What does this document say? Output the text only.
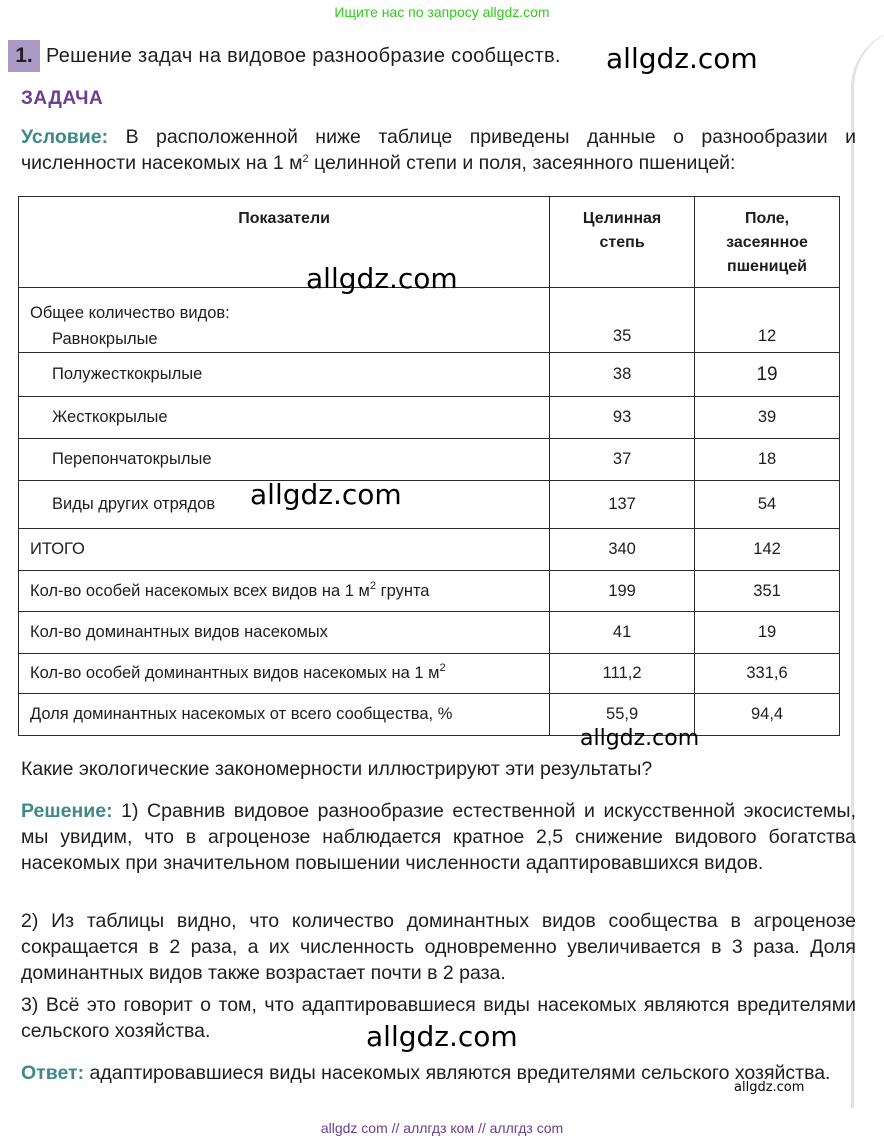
Ищите нас по запросу allgdz.com
1. Решение задач на видовое разнообразие сообществ. allgdz.com
ЗАДАЧА
Условие: В расположенной ниже таблице приведены данные о разнообразии и численности насекомых на 1 $м^2$ целинной степи и поля, засеянного пшеницей:
Показатели	Целинная степь	Поле, засеянное пшеницей

Общее количество видов:
Равнокрылые	35	12
Полужесткокрылые	38	19
Жесткокрылые	93	39
Перепончатокрылые	37	18
Виды других отрядов	137	54
ИТОГО	340	142
Кол-во особей насекомых всех видов на 1 $м^2$ грунта	199	351
Кол-во доминантных видов насекомых	41	19
Кол-во особей доминантных видов насекомых на 1 $м^2$	111,2	331,6
Доля доминантных насекомых от всего сообщества, %	55,9	94,4
allgdz.com
allgdz.com
allgdz.com
Какие экологические закономерности иллюстрируют эти результаты?
Решение: 1) Сравнив видовое разнообразие естественной и искусственной экосистемы, мы увидим, что в агроценозе наблюдается кратное 2,5 снижение видового богатства насекомых при значительном повышении численности адаптировавшихся видов.
2) Из таблицы видно, что количество доминантных видов сообщества в агроценозе сокращается в 2 раза, а их численность одновременно увеличивается в 3 раза. Доля доминантных видов также возрастает почти в 2 раза.
3) Всё это говорит о том, что адаптировавшиеся виды насекомых являются вредителями сельского хозяйства.	allgdz.com
Ответ: адаптировавшиеся виды насекомых являются вредителями сельского хозяйства.
allgdz.com
allgdz com // аллгдз ком // аллгдз com
